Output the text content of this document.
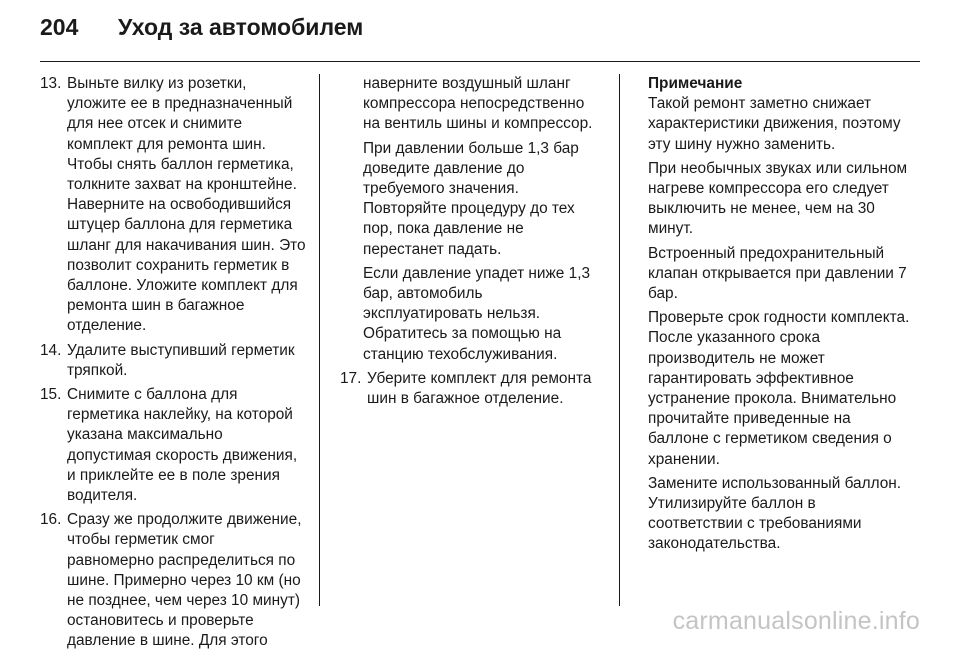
204	Уход за автомобилем
13. Выньте вилку из розетки, уложите ее в предназначенный для нее отсек и снимите комплект для ремонта шин. Чтобы снять баллон герметика, толкните захват на кронштейне. Наверните на освободившийся штуцер баллона для герметика шланг для накачивания шин. Это позволит сохранить герметик в баллоне. Уложите комплект для ремонта шин в багажное отделение.
14. Удалите выступивший герметик тряпкой.
15. Снимите с баллона для герметика наклейку, на которой указана максимально допустимая скорость движения, и приклейте ее в поле зрения водителя.
16. Сразу же продолжите движение, чтобы герметик смог равномерно распределиться по шине. Примерно через 10 км (но не позднее, чем через 10 минут) остановитесь и проверьте давление в шине. Для этого

наверните воздушный шланг компрессора непосредственно на вентиль шины и компрессор.

При давлении больше 1,3 бар доведите давление до требуемого значения. Повторяйте процедуру до тех пор, пока давление не перестанет падать.

Если давление упадет ниже 1,3 бар, автомобиль эксплуатировать нельзя. Обратитесь за помощью на станцию техобслуживания.

17. Уберите комплект для ремонта шин в багажное отделение.
Примечание

Такой ремонт заметно снижает характеристики движения, поэтому эту шину нужно заменить.

При необычных звуках или сильном нагреве компрессора его следует выключить не менее, чем на 30 минут.

Встроенный предохранительный клапан открывается при давлении 7 бар.

Проверьте срок годности комплекта. После указанного срока производитель не может гарантировать эффективное устранение прокола. Внимательно прочитайте приведенные на баллоне с герметиком сведения о хранении.

Замените использованный баллон. Утилизируйте баллон в соответствии с требованиями законодательства.

carmanualsonline.info
